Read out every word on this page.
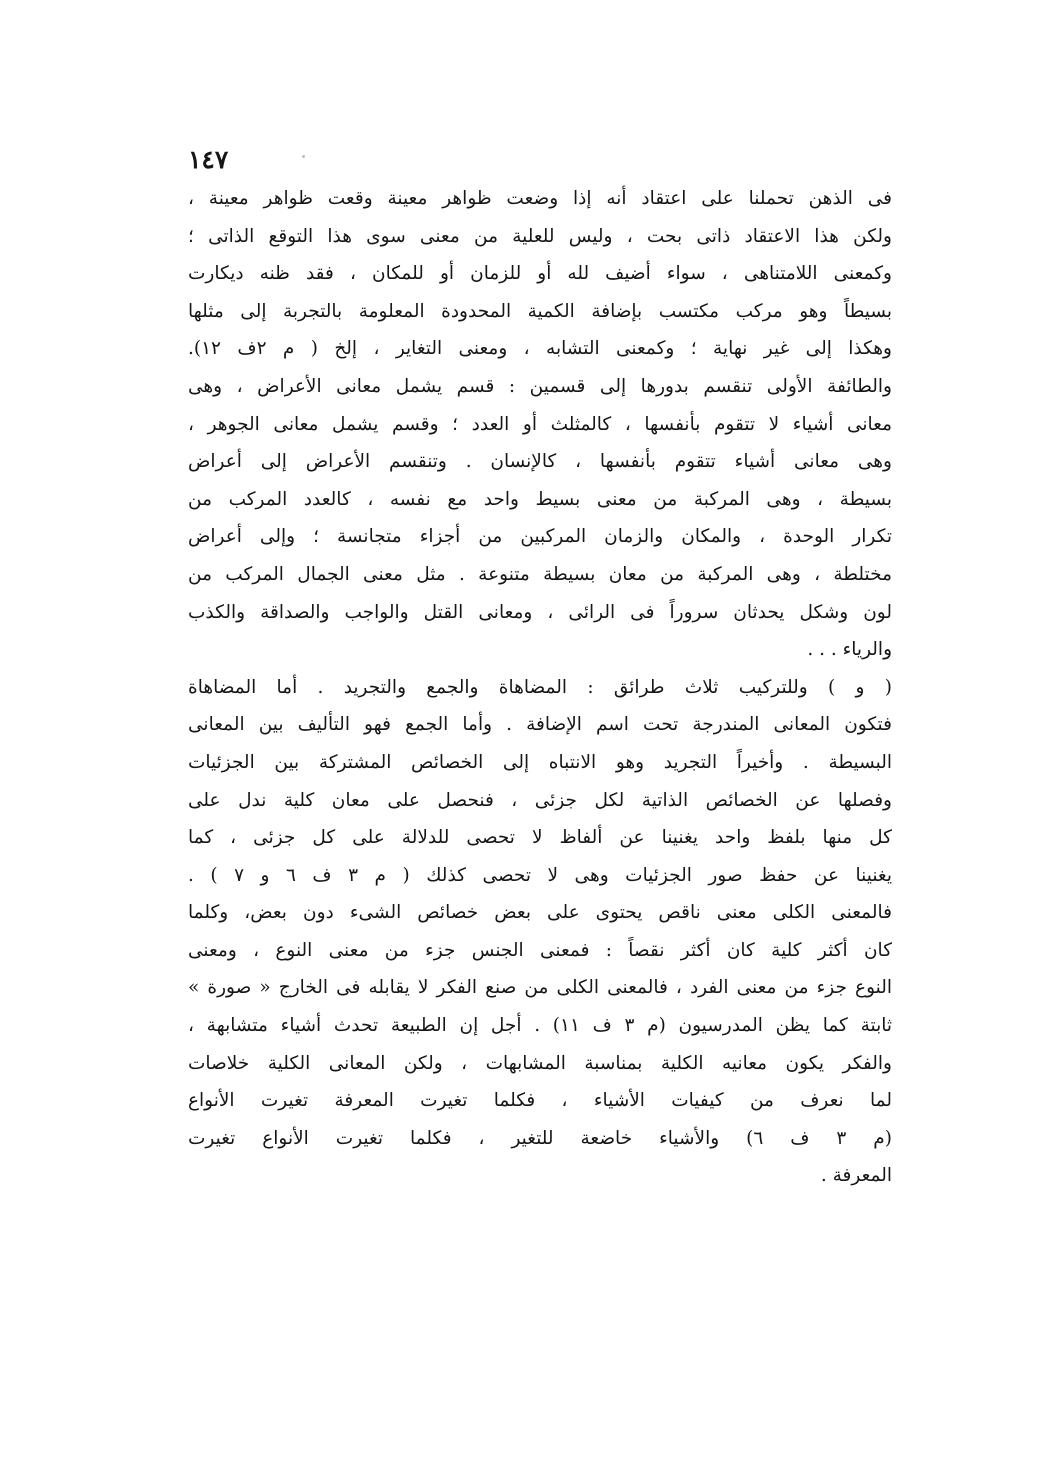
١٤٧
فى الذهن تحملنا على اعتقاد أنه إذا وضعت ظواهر معينة وقعت ظواهر معينة ،
ولكن هذا الاعتقاد ذاتى بحت ، وليس للعلية من معنى سوى هذا التوقع الذاتى ؛
وكمعنى اللامتناهى ، سواء أضيف لله أو للزمان أو للمكان ، فقد ظنه ديكارت
بسيطاً وهو مركب مكتسب بإضافة الكمية المحدودة المعلومة بالتجربة إلى مثلها
وهكذا إلى غير نهاية ؛ وكمعنى التشابه ، ومعنى التغاير ، إلخ ( م ٢ف ١٢).
والطائفة الأولى تنقسم بدورها إلى قسمين : قسم يشمل معانى الأعراض ، وهى
معانى أشياء لا تتقوم بأنفسها ، كالمثلث أو العدد ؛ وقسم يشمل معانى الجوهر ،
وهى معانى أشياء تتقوم بأنفسها ، كالإنسان . وتنقسم الأعراض إلى أعراض
بسيطة ، وهى المركبة من معنى بسيط واحد مع نفسه ، كالعدد المركب من
تكرار الوحدة ، والمكان والزمان المركبين من أجزاء متجانسة ؛ وإلى أعراض
مختلطة ، وهى المركبة من معان بسيطة متنوعة . مثل معنى الجمال المركب من
لون وشكل يحدثان سروراً فى الرائى ، ومعانى القتل والواجب والصداقة والكذب
والرياء . . .
( و ) وللتركيب ثلاث طرائق : المضاهاة والجمع والتجريد . أما المضاهاة
فتكون المعانى المندرجة تحت اسم الإضافة . وأما الجمع فهو التأليف بين المعانى
البسيطة . وأخيراً التجريد وهو الانتباه إلى الخصائص المشتركة بين الجزئيات
وفصلها عن الخصائص الذاتية لكل جزئى ، فنحصل على معان كلية ندل على
كل منها بلفظ واحد يغنينا عن ألفاظ لا تحصى للدلالة على كل جزئى ، كما
يغنينا عن حفظ صور الجزئيات وهى لا تحصى كذلك ( م ٣ ف ٦ و ٧ ) .
فالمعنى الكلى معنى ناقص يحتوى على بعض خصائص الشىء دون بعض، وكلما
كان أكثر كلية كان أكثر نقصاً : فمعنى الجنس جزء من معنى النوع ، ومعنى
النوع جزء من معنى الفرد ، فالمعنى الكلى من صنع الفكر لا يقابله فى الخارج « صورة »
ثابتة كما يظن المدرسيون (م ٣ ف ١١) . أجل إن الطبيعة تحدث أشياء متشابهة ،
والفكر يكون معانيه الكلية بمناسبة المشابهات ، ولكن المعانى الكلية خلاصات
لما نعرف من كيفيات الأشياء ، فكلما تغيرت المعرفة تغيرت الأنواع
(م ٣ ف ٦) والأشياء خاضعة للتغير ، فكلما تغيرت الأنواع تغيرت
المعرفة .
